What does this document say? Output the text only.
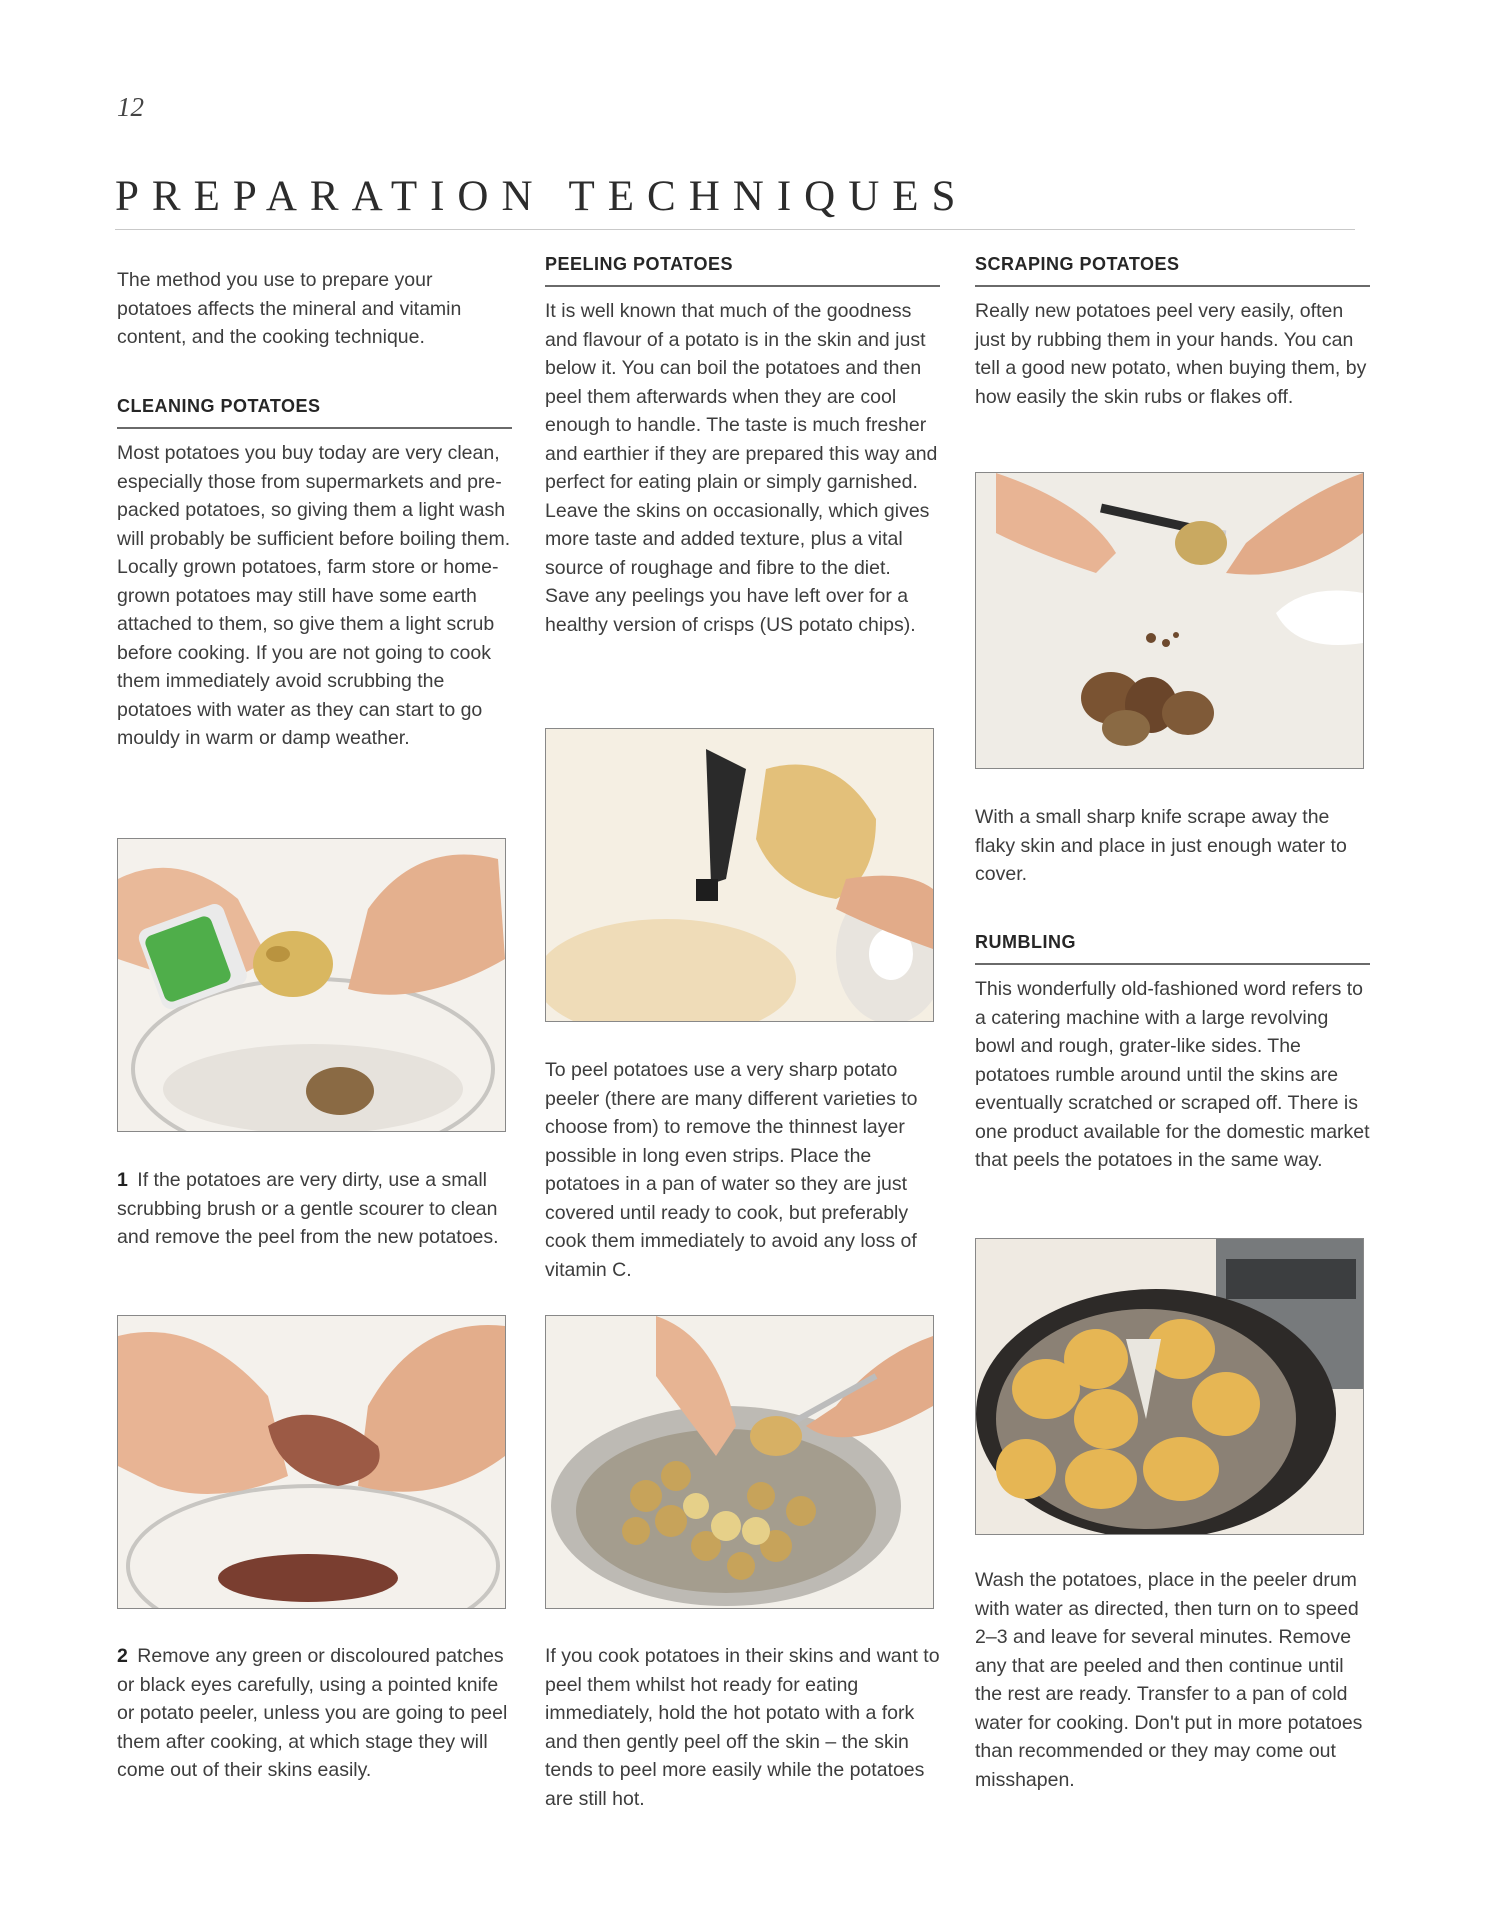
12
PREPARATION TECHNIQUES

The method you use to prepare your potatoes affects the mineral and vitamin content, and the cooking technique.

CLEANING POTATOES

Most potatoes you buy today are very clean, especially those from supermarkets and pre-packed potatoes, so giving them a light wash will probably be sufficient before boiling them. Locally grown potatoes, farm store or home-grown potatoes may still have some earth attached to them, so give them a light scrub before cooking. If you are not going to cook them immediately avoid scrubbing the potatoes with water as they can start to go mouldy in warm or damp weather.

1 If the potatoes are very dirty, use a small scrubbing brush or a gentle scourer to clean and remove the peel from the new potatoes.

2 Remove any green or discoloured patches or black eyes carefully, using a pointed knife or potato peeler, unless you are going to peel them after cooking, at which stage they will come out of their skins easily.

PEELING POTATOES

It is well known that much of the goodness and flavour of a potato is in the skin and just below it. You can boil the potatoes and then peel them afterwards when they are cool enough to handle. The taste is much fresher and earthier if they are prepared this way and perfect for eating plain or simply garnished. Leave the skins on occasionally, which gives more taste and added texture, plus a vital source of roughage and fibre to the diet. Save any peelings you have left over for a healthy version of crisps (US potato chips).

To peel potatoes use a very sharp potato peeler (there are many different varieties to choose from) to remove the thinnest layer possible in long even strips. Place the potatoes in a pan of water so they are just covered until ready to cook, but preferably cook them immediately to avoid any loss of vitamin C.

If you cook potatoes in their skins and want to peel them whilst hot ready for eating immediately, hold the hot potato with a fork and then gently peel off the skin – the skin tends to peel more easily while the potatoes are still hot.

SCRAPING POTATOES

Really new potatoes peel very easily, often just by rubbing them in your hands. You can tell a good new potato, when buying them, by how easily the skin rubs or flakes off.

With a small sharp knife scrape away the flaky skin and place in just enough water to cover.

RUMBLING

This wonderfully old-fashioned word refers to a catering machine with a large revolving bowl and rough, grater-like sides. The potatoes rumble around until the skins are eventually scratched or scraped off. There is one product available for the domestic market that peels the potatoes in the same way.

Wash the potatoes, place in the peeler drum with water as directed, then turn on to speed 2–3 and leave for several minutes. Remove any that are peeled and then continue until the rest are ready. Transfer to a pan of cold water for cooking. Don't put in more potatoes than recommended or they may come out misshapen.
